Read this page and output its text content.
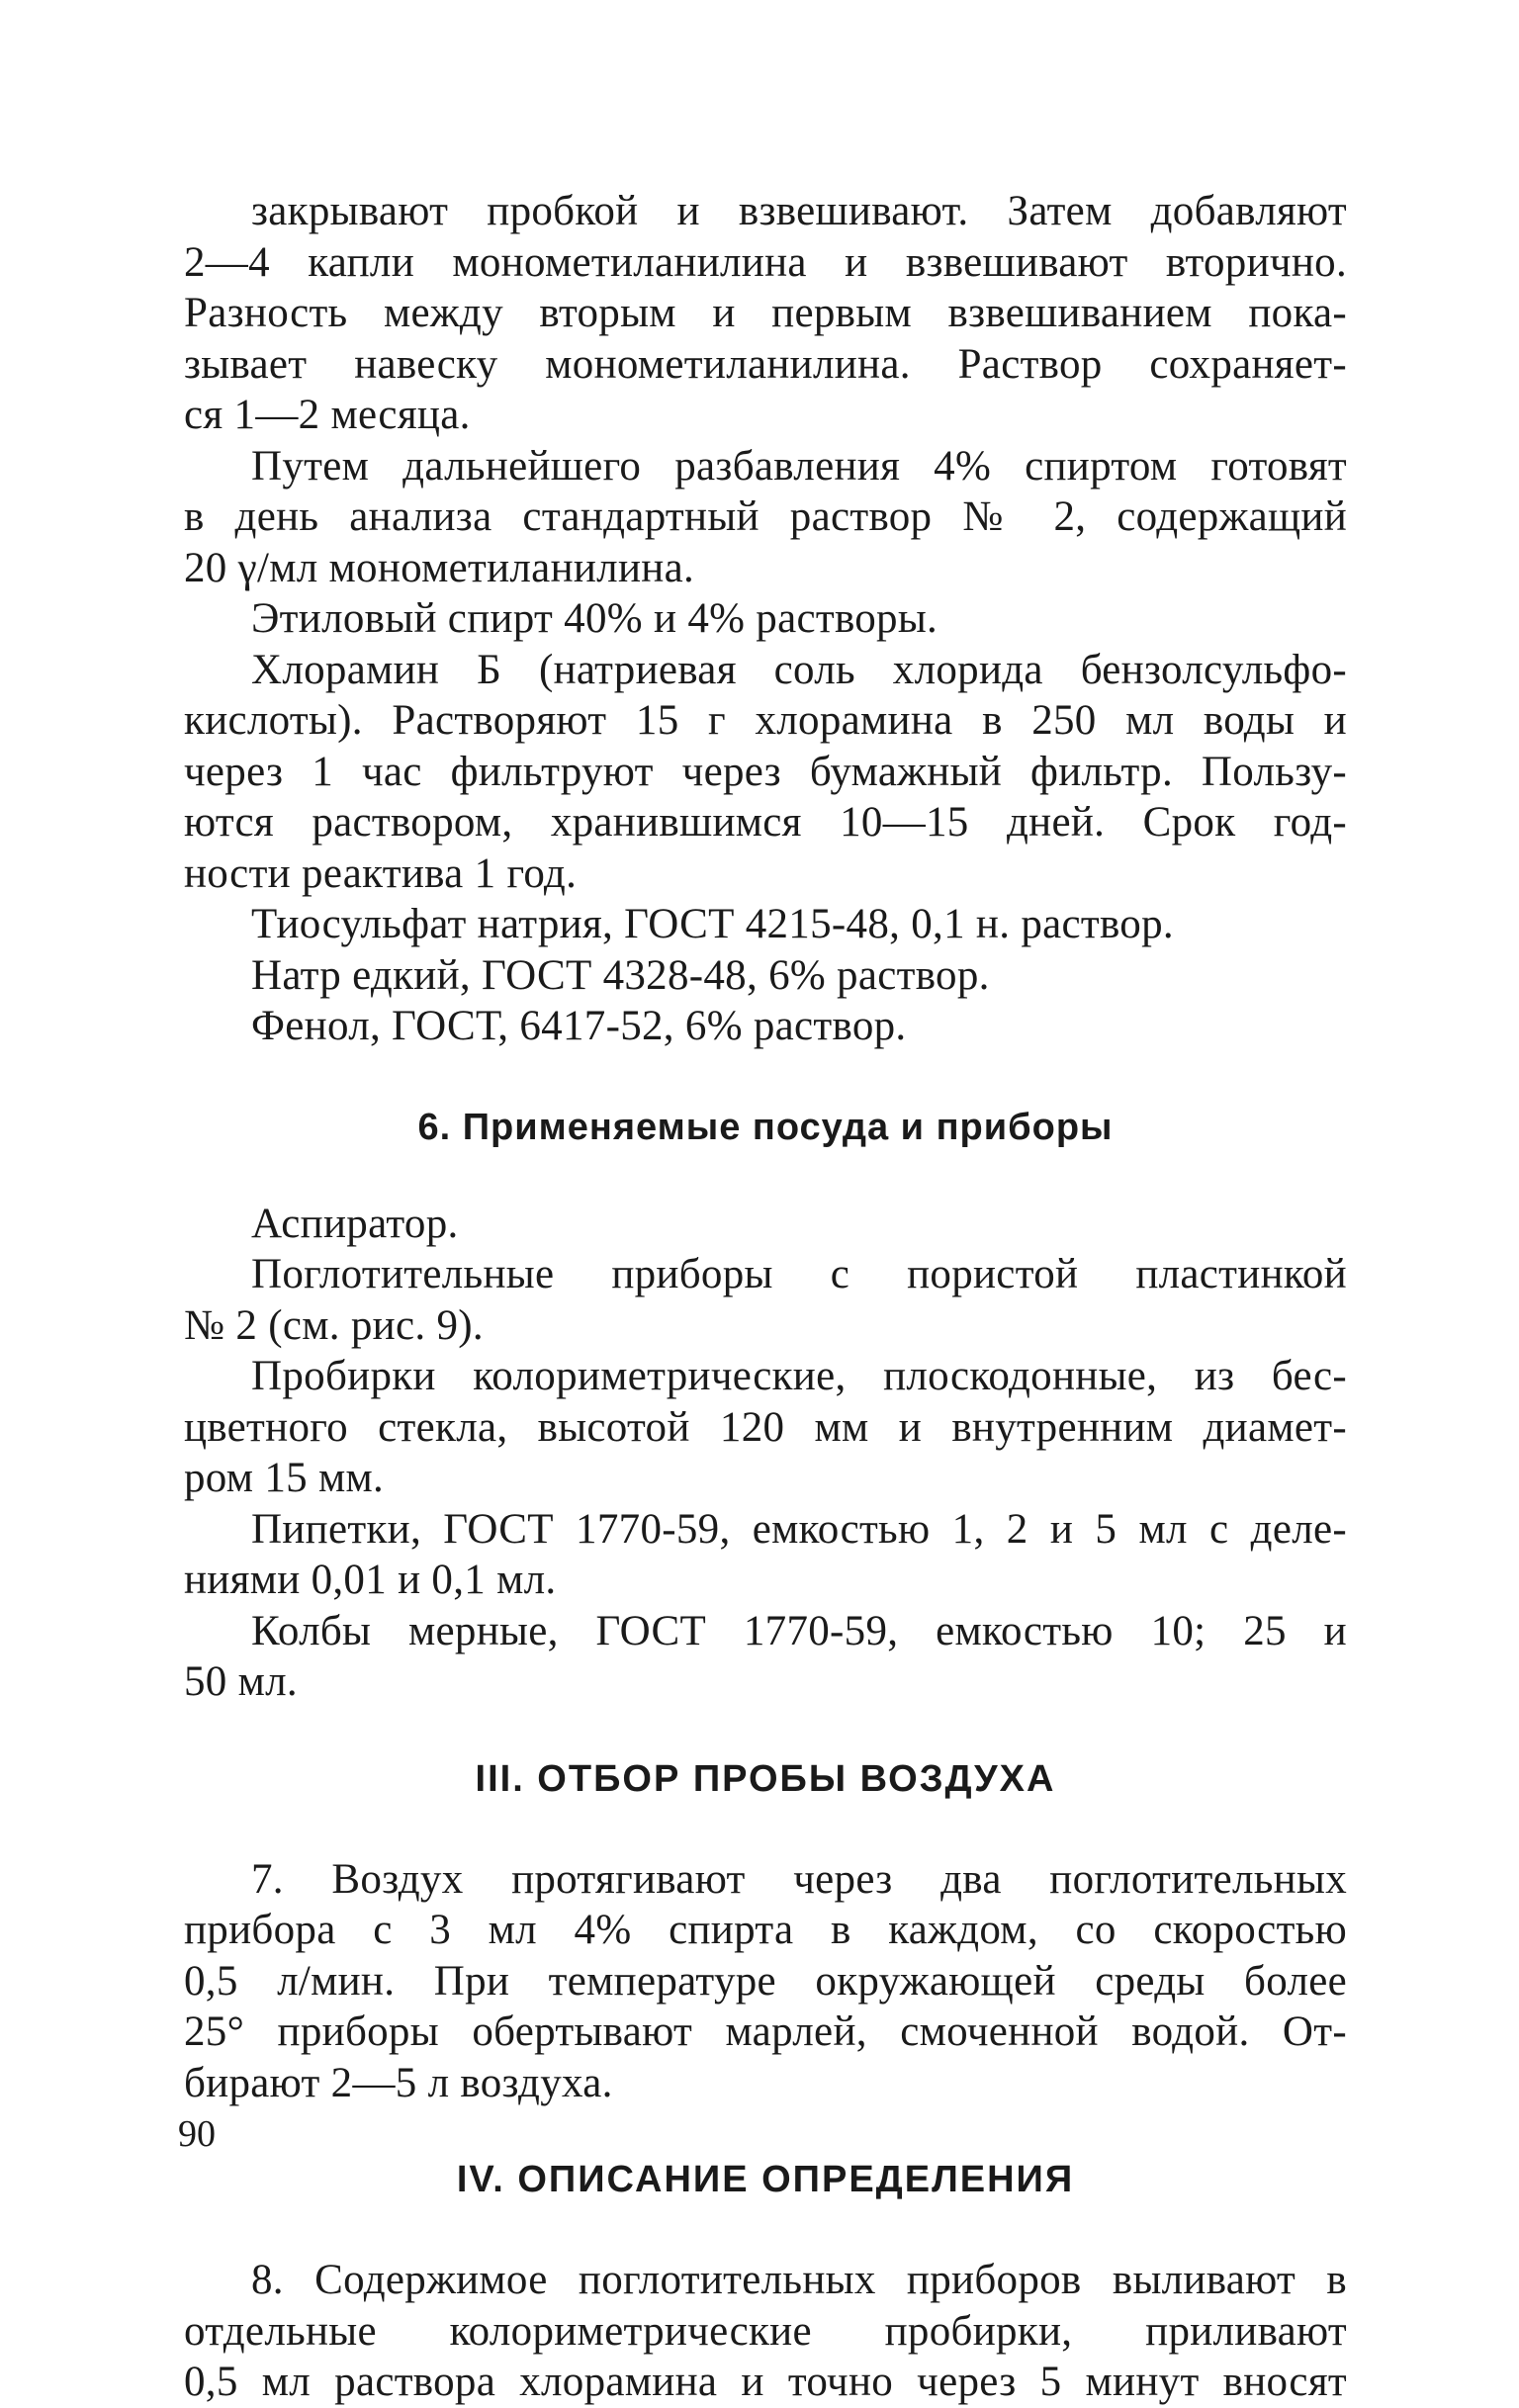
закрывают пробкой и взвешивают. Затем добавляют
2—4 капли монометиланилина и взвешивают вторично.
Разность между вторым и первым взвешиванием пока-
зывает навеску монометиланилина. Раствор сохраняет-
ся 1—2 месяца.
Путем дальнейшего разбавления 4% спиртом готовят
в день анализа стандартный раствор № 2, содержащий
20 γ/мл монометиланилина.
Этиловый спирт 40% и 4% растворы.
Хлорамин Б (натриевая соль хлорида бензолсульфо-
кислоты). Растворяют 15 г хлорамина в 250 мл воды и
через 1 час фильтруют через бумажный фильтр. Пользу-
ются раствором, хранившимся 10—15 дней. Срок год-
ности реактива 1 год.
Тиосульфат натрия, ГОСТ 4215-48, 0,1 н. раствор.
Натр едкий, ГОСТ 4328-48, 6% раствор.
Фенол, ГОСТ, 6417-52, 6% раствор.
6. Применяемые посуда и приборы
Аспиратор.
Поглотительные приборы с пористой пластинкой
№ 2 (см. рис. 9).
Пробирки колориметрические, плоскодонные, из бес-
цветного стекла, высотой 120 мм и внутренним диамет-
ром 15 мм.
Пипетки, ГОСТ 1770-59, емкостью 1, 2 и 5 мл с деле-
ниями 0,01 и 0,1 мл.
Колбы мерные, ГОСТ 1770-59, емкостью 10; 25 и
50 мл.
III. ОТБОР ПРОБЫ ВОЗДУХА
7. Воздух протягивают через два поглотительных
прибора с 3 мл 4% спирта в каждом, со скоростью
0,5 л/мин. При температуре окружающей среды более
25° приборы обертывают марлей, смоченной водой. От-
бирают 2—5 л воздуха.
IV. ОПИСАНИЕ ОПРЕДЕЛЕНИЯ
8. Содержимое поглотительных приборов выливают в
отдельные колориметрические пробирки, приливают
0,5 мл раствора хлорамина и точно через 5 минут вносят
90
